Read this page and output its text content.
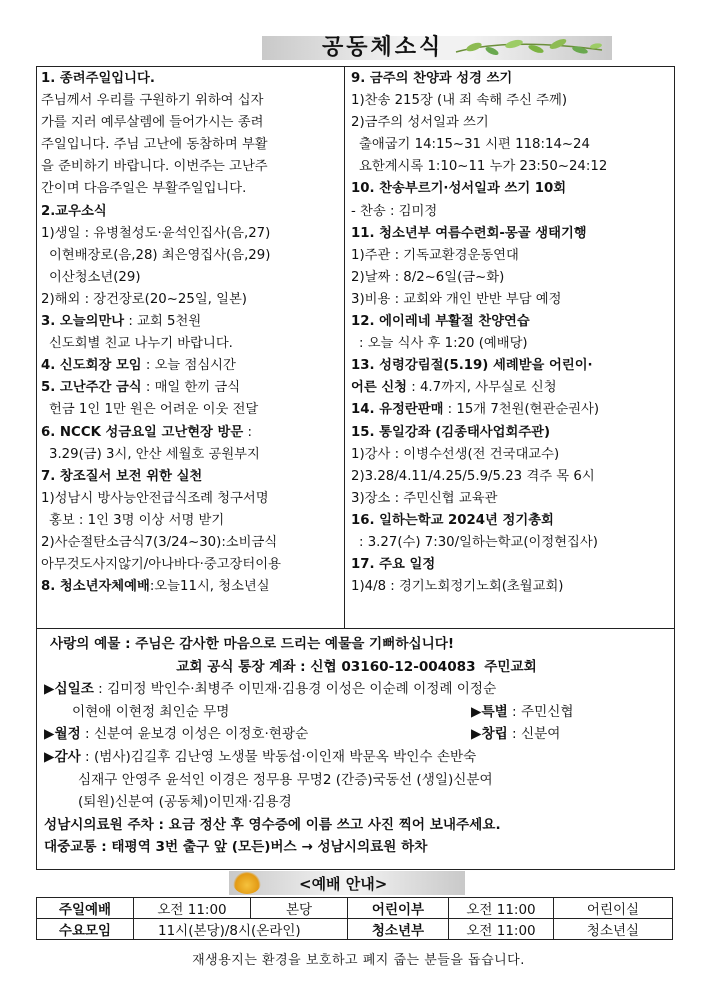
공동체소식
1. 종려주일입니다.
주님께서 우리를 구원하기 위하여 십자
가를 지러 예루살렘에 들어가시는 종려
주일입니다. 주님 고난에 동참하며 부활
을 준비하기 바랍니다. 이번주는 고난주
간이며 다음주일은 부활주일입니다.
2.교우소식
1)생일 : 유병철성도·윤석인집사(음,27)
이현배장로(음,28) 최은영집사(음,29)
이산청소년(29)
2)해외 : 장건장로(20~25일, 일본)
3. 오늘의만나 : 교회 5천원
신도회별 친교 나누기 바랍니다.
4. 신도회장 모임 : 오늘 점심시간
5. 고난주간 금식 : 매일 한끼 금식
헌금 1인 1만 원은 어려운 이웃 전달
6. NCCK 성금요일 고난현장 방문 :
3.29(금) 3시, 안산 세월호 공원부지
7. 창조질서 보전 위한 실천
1)성남시 방사능안전급식조례 청구서명
홍보 : 1인 3명 이상 서명 받기
2)사순절탄소금식7(3/24~30):소비금식
아무것도사지않기/아나바다·중고장터이용
8. 청소년자체예배:오늘11시, 청소년실
9. 금주의 찬양과 성경 쓰기
1)찬송 215장 (내 죄 속해 주신 주께)
2)금주의 성서일과 쓰기
출애굽기 14:15~31 시편 118:14~24
요한계시록 1:10~11 누가 23:50~24:12
10. 찬송부르기·성서일과 쓰기 10회
- 찬송 : 김미정
11. 청소년부 여름수련회-몽골 생태기행
1)주관 : 기독교환경운동연대
2)날짜 : 8/2~6일(금~화)
3)비용 : 교회와 개인 반반 부담 예정
12. 에이레네 부활절 찬양연습
: 오늘 식사 후 1:20 (예배당)
13. 성령강림절(5.19) 세례받을 어린이·
어른 신청 : 4.7까지, 사무실로 신청
14. 유정란판매 : 15개 7천원(현관순권사)
15. 통일강좌 (김종태사업회주관)
1)강사 : 이병수선생(전 건국대교수)
2)3.28/4.11/4.25/5.9/5.23 격주 목 6시
3)장소 : 주민신협 교육관
16. 일하는학교 2024년 정기총회
: 3.27(수) 7:30/일하는학교(이정현집사)
17. 주요 일정
1)4/8 : 경기노회정기노회(초월교회)
사랑의 예물 : 주님은 감사한 마음으로 드리는 예물을 기뻐하십니다!
교회 공식 통장 계좌 : 신협 03160-12-004083 주민교회
▶십일조 : 김미정 박인수·최병주 이민재·김용경 이성은 이순례 이정례 이정순
이현애 이현정 최인순 무명	▶특별 : 주민신협
▶월정 : 신분여 윤보경 이성은 이정호·현광순	▶창립 : 신분여
▶감사 : (범사)김길후 김난영 노생물 박동섭·이인재 박문옥 박인수 손반숙
심재구 안영주 윤석인 이경은 정무용 무명2 (간증)국동선 (생일)신분여
(퇴원)신분여 (공동체)이민재·김용경
성남시의료원 주차 : 요금 정산 후 영수증에 이름 쓰고 사진 찍어 보내주세요.
대중교통 : 태평역 3번 출구 앞 (모든)버스 → 성남시의료원 하차
<예배 안내>
주일예배	오전 11:00	본당	어린이부	오전 11:00	어린이실
수요모임	11시(본당)/8시(온라인)		청소년부	오전 11:00	청소년실
재생용지는 환경을 보호하고 폐지 줍는 분들을 돕습니다.
